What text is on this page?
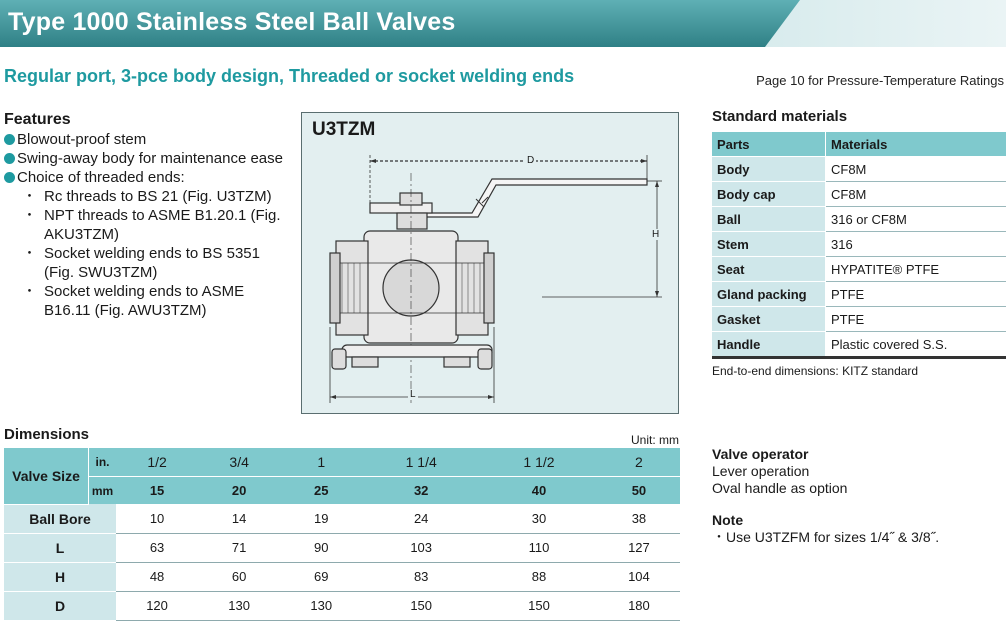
Type 1000 Stainless Steel Ball Valves
Regular port, 3-pce body design, Threaded or socket welding ends	Page 10 for Pressure-Temperature Ratings
Features
Blowout-proof stem
Swing-away body for maintenance ease
Choice of threaded ends:
・ Rc threads to BS 21 (Fig. U3TZM)
・ NPT threads to ASME B1.20.1 (Fig. AKU3TZM)
・ Socket welding ends to BS 5351 (Fig. SWU3TZM)
・ Socket welding ends to ASME B16.11 (Fig. AWU3TZM)
U3TZM
D
H
L
Standard materials
Parts	Materials
Body	CF8M
Body cap	CF8M
Ball	316 or CF8M
Stem	316
Seat	HYPATITE® PTFE
Gland packing	PTFE
Gasket	PTFE
Handle	Plastic covered S.S.
End-to-end dimensions: KITZ standard
Dimensions	Unit: mm
Valve Size	in.	1/2	3/4	1	1 1/4	1 1/2	2
	mm	15	20	25	32	40	50
Ball Bore		10	14	19	24	30	38
L		63	71	90	103	110	127
H		48	60	69	83	88	104
D		120	130	130	150	150	180
Valve operator
Lever operation
Oval handle as option
Note
・Use U3TZFM for sizes 1/4˝ & 3/8˝.
